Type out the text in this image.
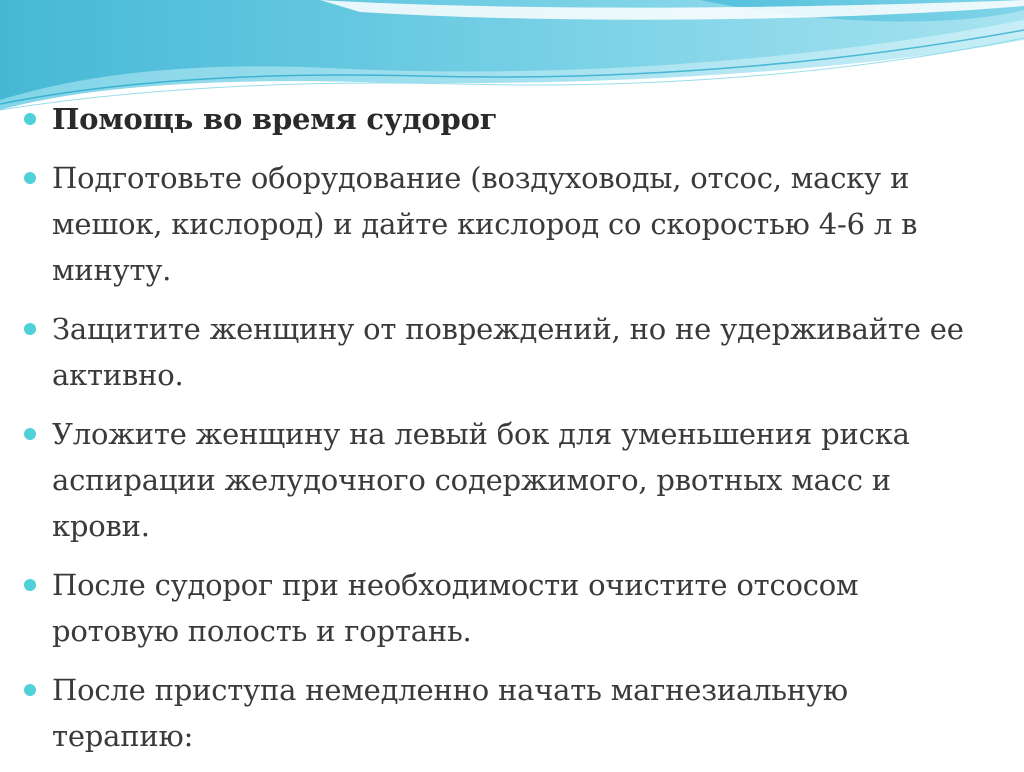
Помощь во время судорог
Подготовьте оборудование (воздуховоды, отсос, маску и мешок, кислород) и дайте кислород со скоростью 4-6 л в минуту.
Защитите женщину от повреждений, но не удерживайте ее активно.
Уложите женщину на левый бок для уменьшения риска аспирации желудочного содержимого, рвотных масс и крови.
После судорог при необходимости очистите отсосом ротовую полость и гортань.
После приступа немедленно начать магнезиальную терапию:
